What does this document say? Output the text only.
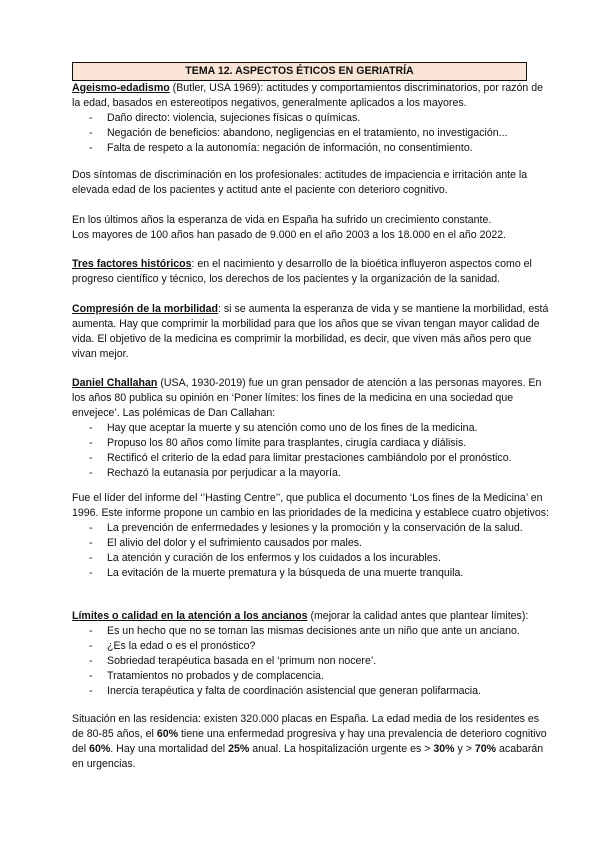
TEMA 12. ASPECTOS ÉTICOS EN GERIATRÍA

Ageismo-edadismo (Butler, USA 1969): actitudes y comportamientos discriminatorios, por razón de la edad, basados en estereotipos negativos, generalmente aplicados a los mayores.

- Daño directo: violencia, sujeciones físicas o químicas.
- Negación de beneficios: abandono, negligencias en el tratamiento, no investigación...
- Falta de respeto a la autonomía: negación de información, no consentimiento.

Dos síntomas de discriminación en los profesionales: actitudes de impaciencia e irritación ante la elevada edad de los pacientes y actitud ante el paciente con deterioro cognitivo.

En los últimos años la esperanza de vida en España ha sufrido un crecimiento constante.

Los mayores de 100 años han pasado de 9.000 en el año 2003 a los 18.000 en el año 2022.

Tres factores históricos: en el nacimiento y desarrollo de la bioética influyeron aspectos como el progreso científico y técnico, los derechos de los pacientes y la organización de la sanidad.

Compresión de la morbilidad: si se aumenta la esperanza de vida y se mantiene la morbilidad, está aumenta. Hay que comprimir la morbilidad para que los años que se vivan tengan mayor calidad de vida. El objetivo de la medicina es comprimir la morbilidad, es decir, que viven más años pero que vivan mejor.

Daniel Challahan (USA, 1930-2019) fue un gran pensador de atención a las personas mayores. En los años 80 publica su opinión en ‘Poner límites: los fines de la medicina en una sociedad que envejece’. Las polémicas de Dan Callahan:

- Hay que aceptar la muerte y su atención como uno de los fines de la medicina.
- Propuso los 80 años como límite para trasplantes, cirugía cardiaca y diálisis.
- Rectificó el criterio de la edad para limitar prestaciones cambiándolo por el pronóstico.
- Rechazó la eutanasia por perjudicar a la mayoría.

Fue el líder del informe del ‘’Hasting Centre’’, que publica el documento ‘Los fines de la Medicina’ en 1996. Este informe propone un cambio en las prioridades de la medicina y establece cuatro objetivos:

- La prevención de enfermedades y lesiones y la promoción y la conservación de la salud.
- El alivio del dolor y el sufrimiento causados por males.
- La atención y curación de los enfermos y los cuidados a los incurables.
- La evitación de la muerte prematura y la búsqueda de una muerte tranquila.

Límites o calidad en la atención a los ancianos (mejorar la calidad antes que plantear límites):

- Es un hecho que no se toman las mismas decisiones ante un niño que ante un anciano.
- ¿Es la edad o es el pronóstico?
- Sobriedad terapéutica basada en el ‘primum non nocere’.
- Tratamientos no probados y de complacencia.
- Inercia terapéutica y falta de coordinación asistencial que generan polifarmacia.

Situación en las residencia: existen 320.000 placas en España. La edad media de los residentes es de 80-85 años, el 60% tiene una enfermedad progresiva y hay una prevalencia de deterioro cognitivo del 60%. Hay una mortalidad del 25% anual. La hospitalización urgente es > 30% y > 70% acabarán en urgencias.
